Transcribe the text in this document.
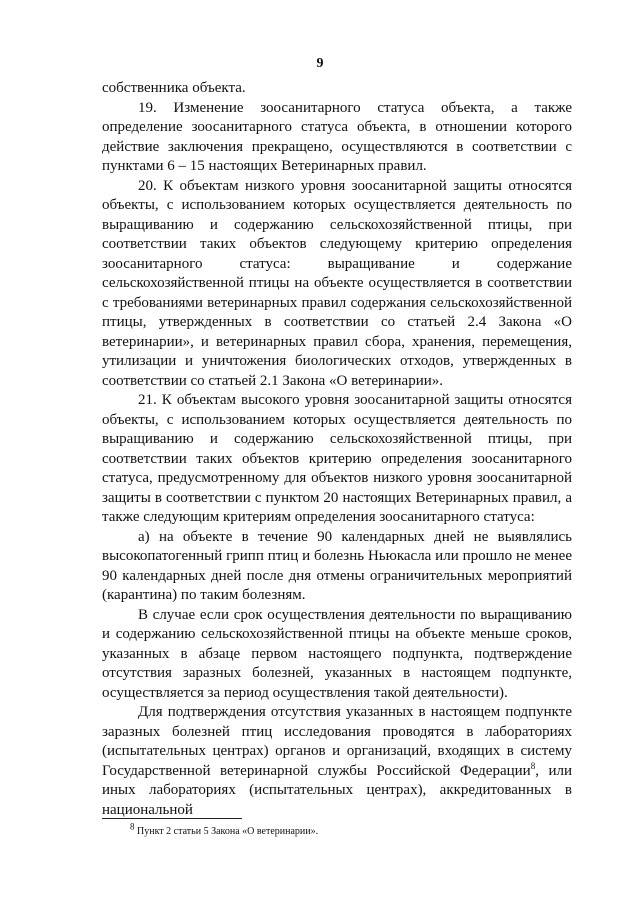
9

собственника объекта.

19. Изменение зоосанитарного статуса объекта, а также определение зоосанитарного статуса объекта, в отношении которого действие заключения прекращено, осуществляются в соответствии с пунктами 6 – 15 настоящих Ветеринарных правил.

20. К объектам низкого уровня зоосанитарной защиты относятся объекты, с использованием которых осуществляется деятельность по выращиванию и содержанию сельскохозяйственной птицы, при соответствии таких объектов следующему критерию определения зоосанитарного статуса: выращивание и содержание сельскохозяйственной птицы на объекте осуществляется в соответствии с требованиями ветеринарных правил содержания сельскохозяйственной птицы, утвержденных в соответствии со статьей 2.4 Закона «О ветеринарии», и ветеринарных правил сбора, хранения, перемещения, утилизации и уничтожения биологических отходов, утвержденных в соответствии со статьей 2.1 Закона «О ветеринарии».

21. К объектам высокого уровня зоосанитарной защиты относятся объекты, с использованием которых осуществляется деятельность по выращиванию и содержанию сельскохозяйственной птицы, при соответствии таких объектов критерию определения зоосанитарного статуса, предусмотренному для объектов низкого уровня зоосанитарной защиты в соответствии с пунктом 20 настоящих Ветеринарных правил, а также следующим критериям определения зоосанитарного статуса:

а) на объекте в течение 90 календарных дней не выявлялись высокопатогенный грипп птиц и болезнь Ньюкасла или прошло не менее 90 календарных дней после дня отмены ограничительных мероприятий (карантина) по таким болезням.

В случае если срок осуществления деятельности по выращиванию и содержанию сельскохозяйственной птицы на объекте меньше сроков, указанных в абзаце первом настоящего подпункта, подтверждение отсутствия заразных болезней, указанных в настоящем подпункте, осуществляется за период осуществления такой деятельности).

Для подтверждения отсутствия указанных в настоящем подпункте заразных болезней птиц исследования проводятся в лабораториях (испытательных центрах) органов и организаций, входящих в систему Государственной ветеринарной службы Российской Федерации$^8$, или иных лабораториях (испытательных центрах), аккредитованных в национальной

$^8$ Пункт 2 статьи 5 Закона «О ветеринарии».
